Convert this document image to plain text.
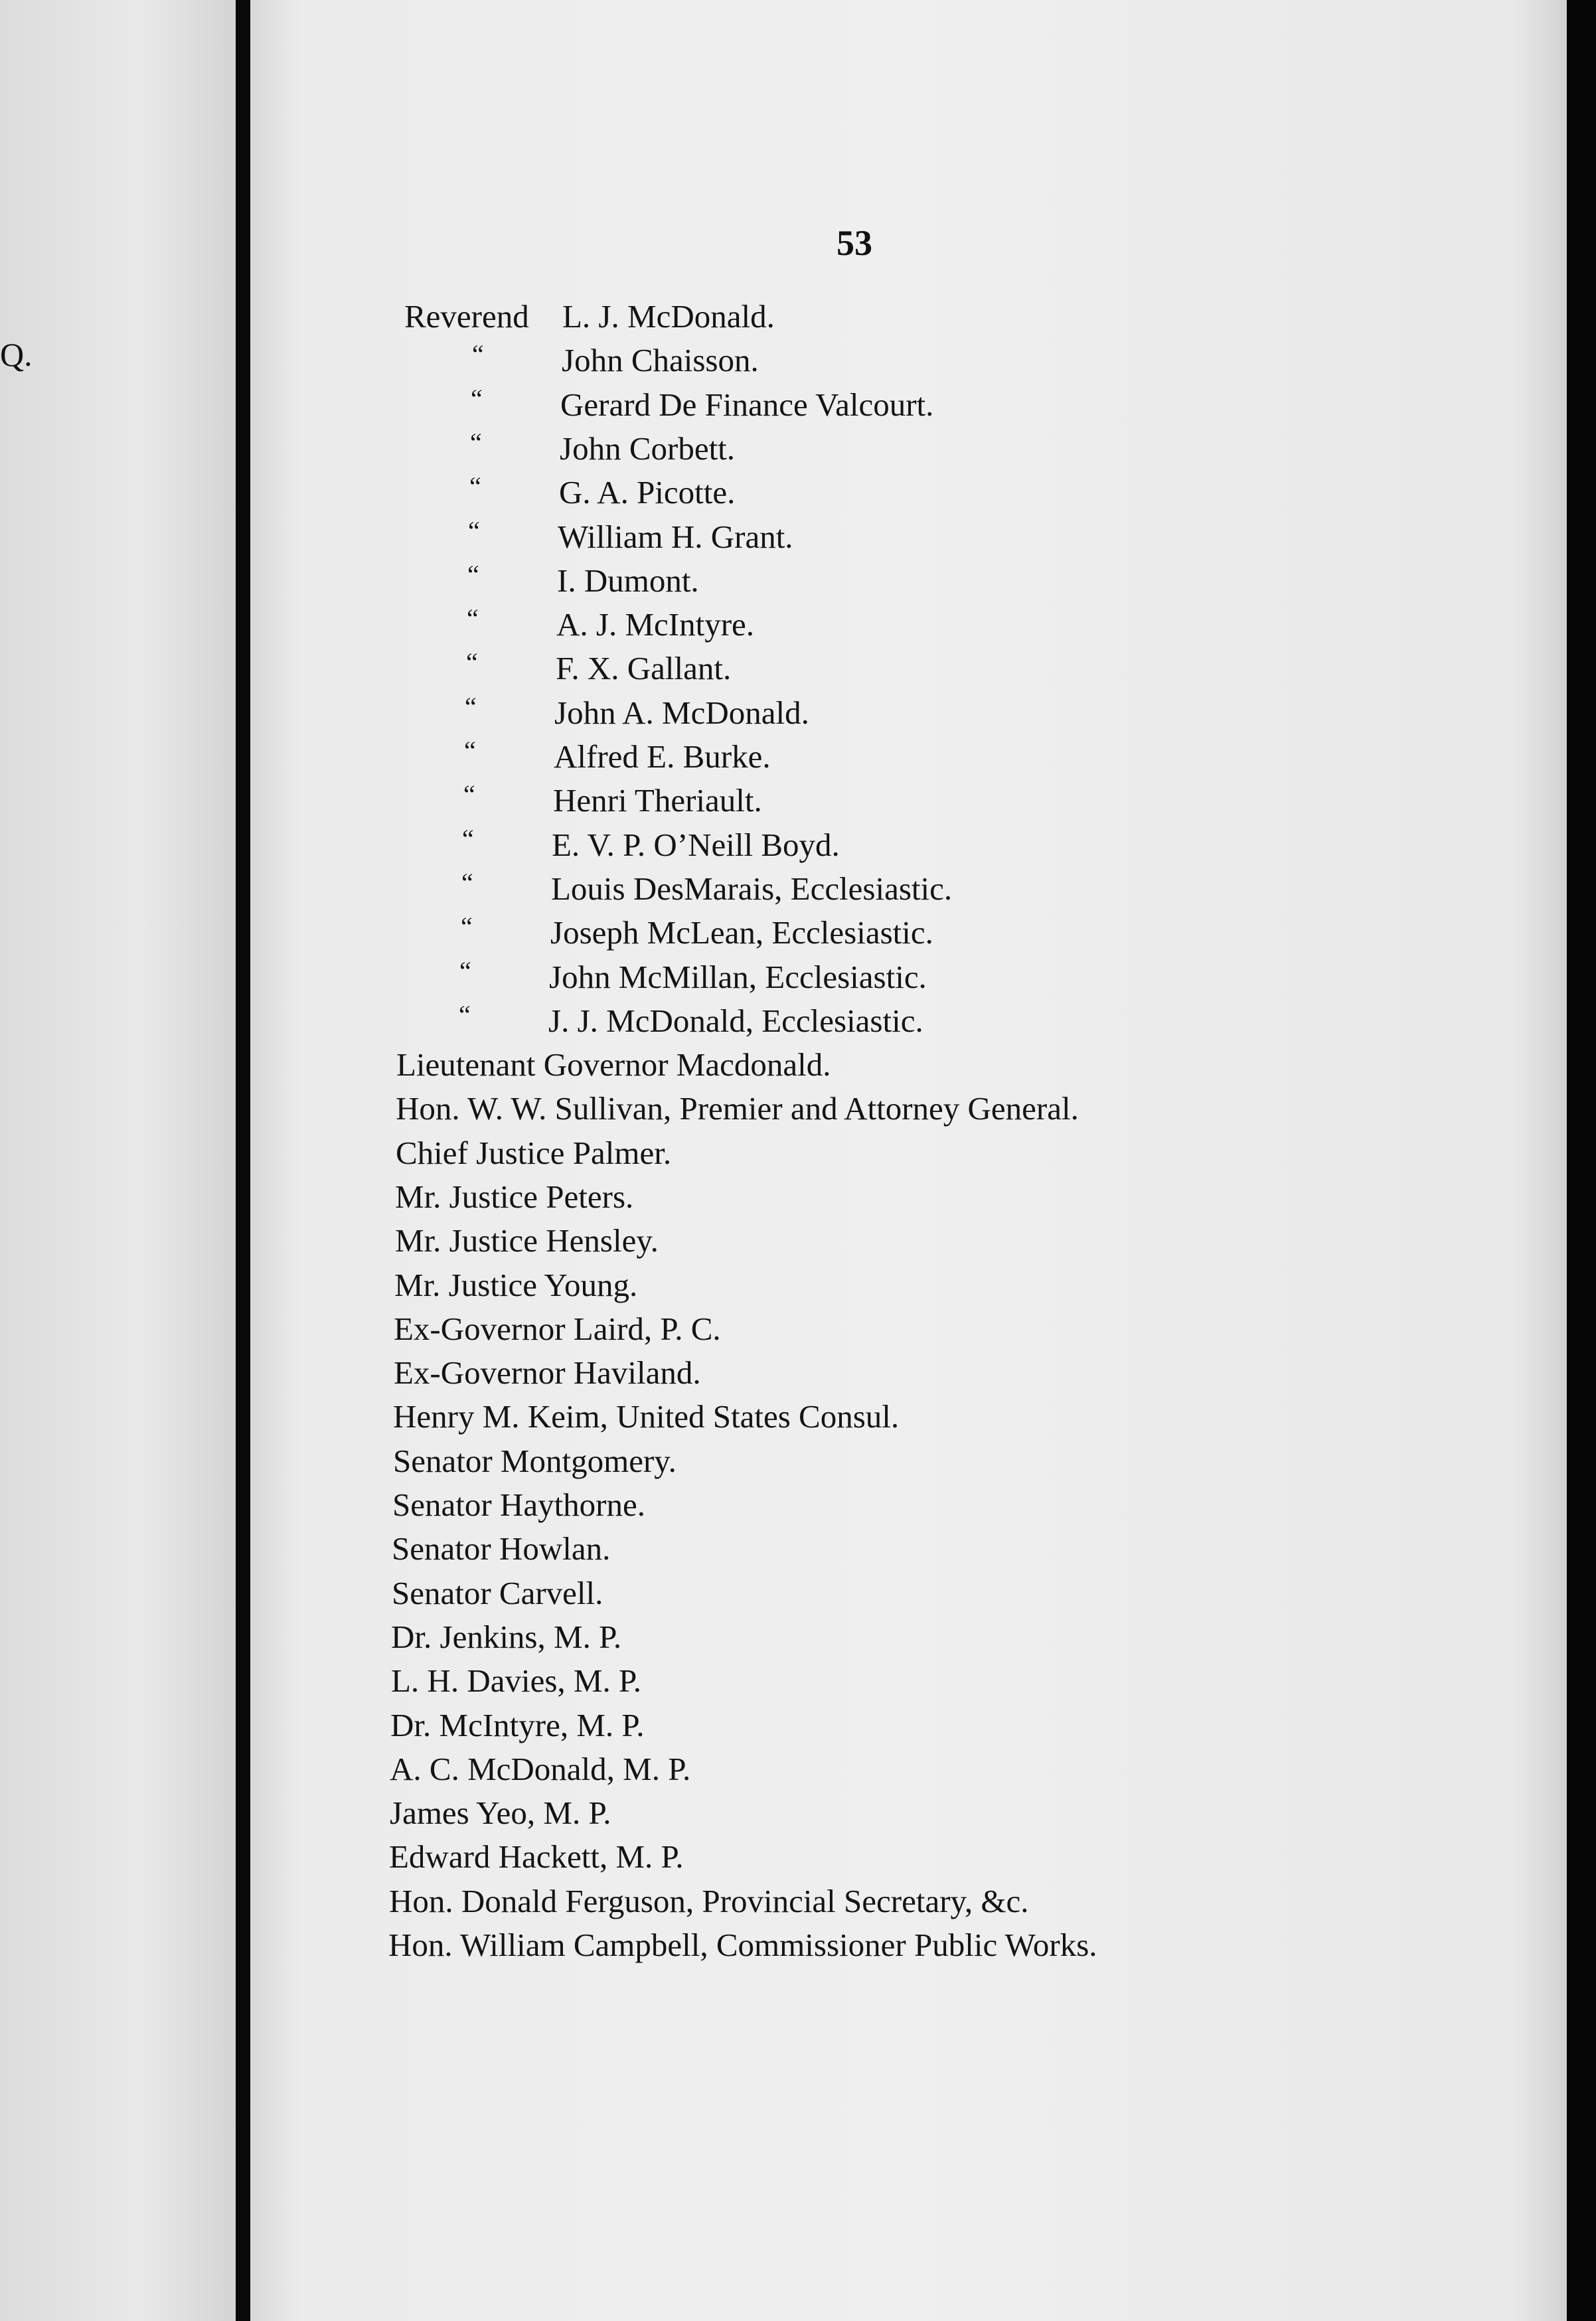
Q.
53
Reverend L. J. McDonald.
“ John Chaisson.
“ Gerard De Finance Valcourt.
“ John Corbett.
“ G. A. Picotte.
“ William H. Grant.
“ I. Dumont.
“ A. J. McIntyre.
“ F. X. Gallant.
“ John A. McDonald.
“ Alfred E. Burke.
“ Henri Theriault.
“ E. V. P. O’Neill Boyd.
“ Louis DesMarais, Ecclesiastic.
“ Joseph McLean, Ecclesiastic.
“ John McMillan, Ecclesiastic.
“ J. J. McDonald, Ecclesiastic.
Lieutenant Governor Macdonald.
Hon. W. W. Sullivan, Premier and Attorney General.
Chief Justice Palmer.
Mr. Justice Peters.
Mr. Justice Hensley.
Mr. Justice Young.
Ex-Governor Laird, P. C.
Ex-Governor Haviland.
Henry M. Keim, United States Consul.
Senator Montgomery.
Senator Haythorne.
Senator Howlan.
Senator Carvell.
Dr. Jenkins, M. P.
L. H. Davies, M. P.
Dr. McIntyre, M. P.
A. C. McDonald, M. P.
James Yeo, M. P.
Edward Hackett, M. P.
Hon. Donald Ferguson, Provincial Secretary, &c.
Hon. William Campbell, Commissioner Public Works.
